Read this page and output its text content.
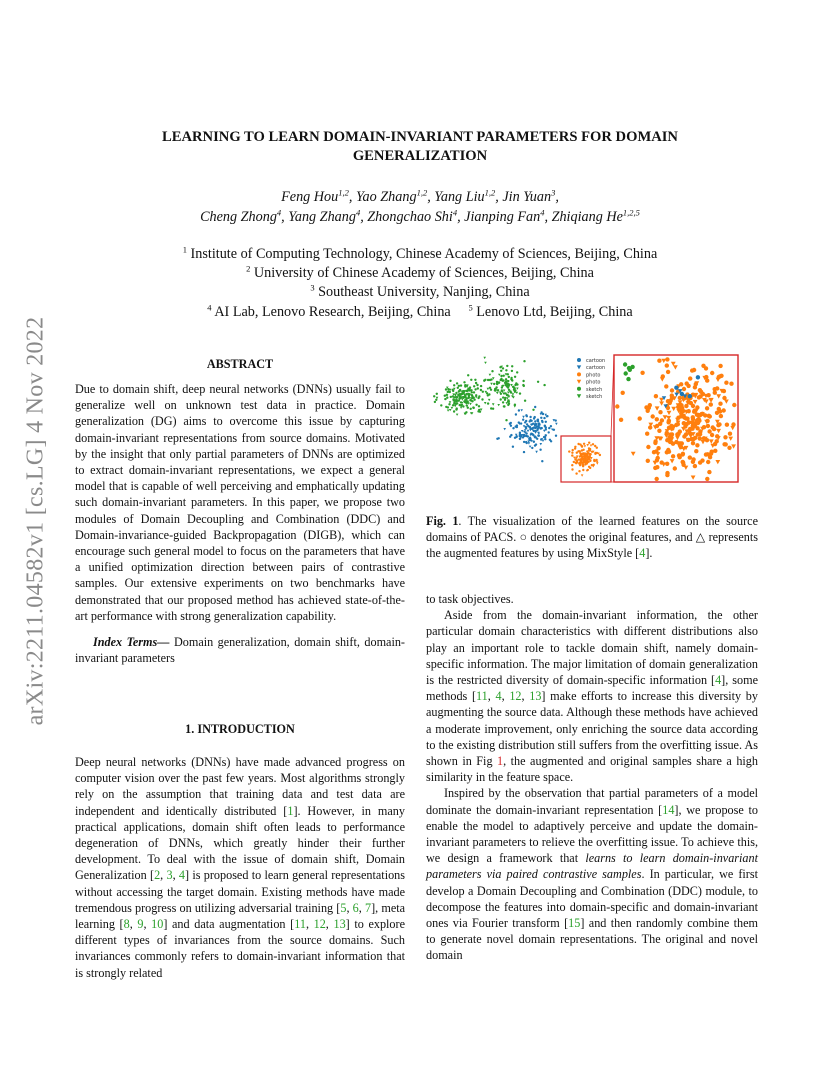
arXiv:2211.04582v1 [cs.LG] 4 Nov 2022
LEARNING TO LEARN DOMAIN-INVARIANT PARAMETERS FOR DOMAIN
GENERALIZATION
Feng Hou$^{1,2}$, Yao Zhang$^{1,2}$, Yang Liu$^{1,2}$, Jin Yuan$^3$,
Cheng Zhong$^4$, Yang Zhang$^4$, Zhongchao Shi$^4$, Jianping Fan$^4$, Zhiqiang He$^{1,2,5}$
$^1$ Institute of Computing Technology, Chinese Academy of Sciences, Beijing, China
$^2$ University of Chinese Academy of Sciences, Beijing, China
$^3$ Southeast University, Nanjing, China
$^4$ AI Lab, Lenovo Research, Beijing, China $^5$ Lenovo Ltd, Beijing, China
ABSTRACT

Due to domain shift, deep neural networks (DNNs) usually fail to generalize well on unknown test data in practice. Domain generalization (DG) aims to overcome this issue by capturing domain-invariant representations from source domains. Motivated by the insight that only partial parameters of DNNs are optimized to extract domain-invariant representations, we expect a general model that is capable of well perceiving and emphatically updating such domain-invariant parameters. In this paper, we propose two modules of Domain Decoupling and Combination (DDC) and Domain-invariance-guided Backpropagation (DIGB), which can encourage such general model to focus on the parameters that have a unified optimization direction between pairs of contrastive samples. Our extensive experiments on two benchmarks have demonstrated that our proposed method has achieved state-of-the-art performance with strong generalization capability.

Index Terms— Domain generalization, domain shift, domain-invariant parameters

1. INTRODUCTION

Deep neural networks (DNNs) have made advanced progress on computer vision over the past few years. Most algorithms strongly rely on the assumption that training data and test data are independent and identically distributed [1]. However, in many practical applications, domain shift often leads to performance degeneration of DNNs, which greatly hinder their further development. To deal with the issue of domain shift, Domain Generalization [2, 3, 4] is proposed to learn general representations without accessing the target domain. Existing methods have made tremendous progress on utilizing adversarial training [5, 6, 7], meta learning [8, 9, 10] and data augmentation [11, 12, 13] to explore different types of invariances from the source domains. Such invariances commonly refers to domain-invariant information that is strongly related

cartoon
cartoon
photo
photo
sketch
sketch

Fig. 1. The visualization of the learned features on the source domains of PACS. ○ denotes the original features, and △ represents the augmented features by using MixStyle [4].

to task objectives.

Aside from the domain-invariant information, the other particular domain characteristics with different distributions also play an important role to tackle domain shift, namely domain-specific information. The major limitation of domain generalization is the restricted diversity of domain-specific information [4], some methods [11, 4, 12, 13] make efforts to increase this diversity by augmenting the source data. Although these methods have achieved a moderate improvement, only enriching the source data according to the existing distribution still suffers from the overfitting issue. As shown in Fig 1, the augmented and original samples share a high similarity in the feature space.

Inspired by the observation that partial parameters of a model dominate the domain-invariant representation [14], we propose to enable the model to adaptively perceive and update the domain-invariant parameters to relieve the overfitting issue. To achieve this, we design a framework that learns to learn domain-invariant parameters via paired contrastive samples. In particular, we first develop a Domain Decoupling and Combination (DDC) module, to decompose the features into domain-specific and domain-invariant ones via Fourier transform [15] and then randomly combine them to generate novel domain representations. The original and novel domain
